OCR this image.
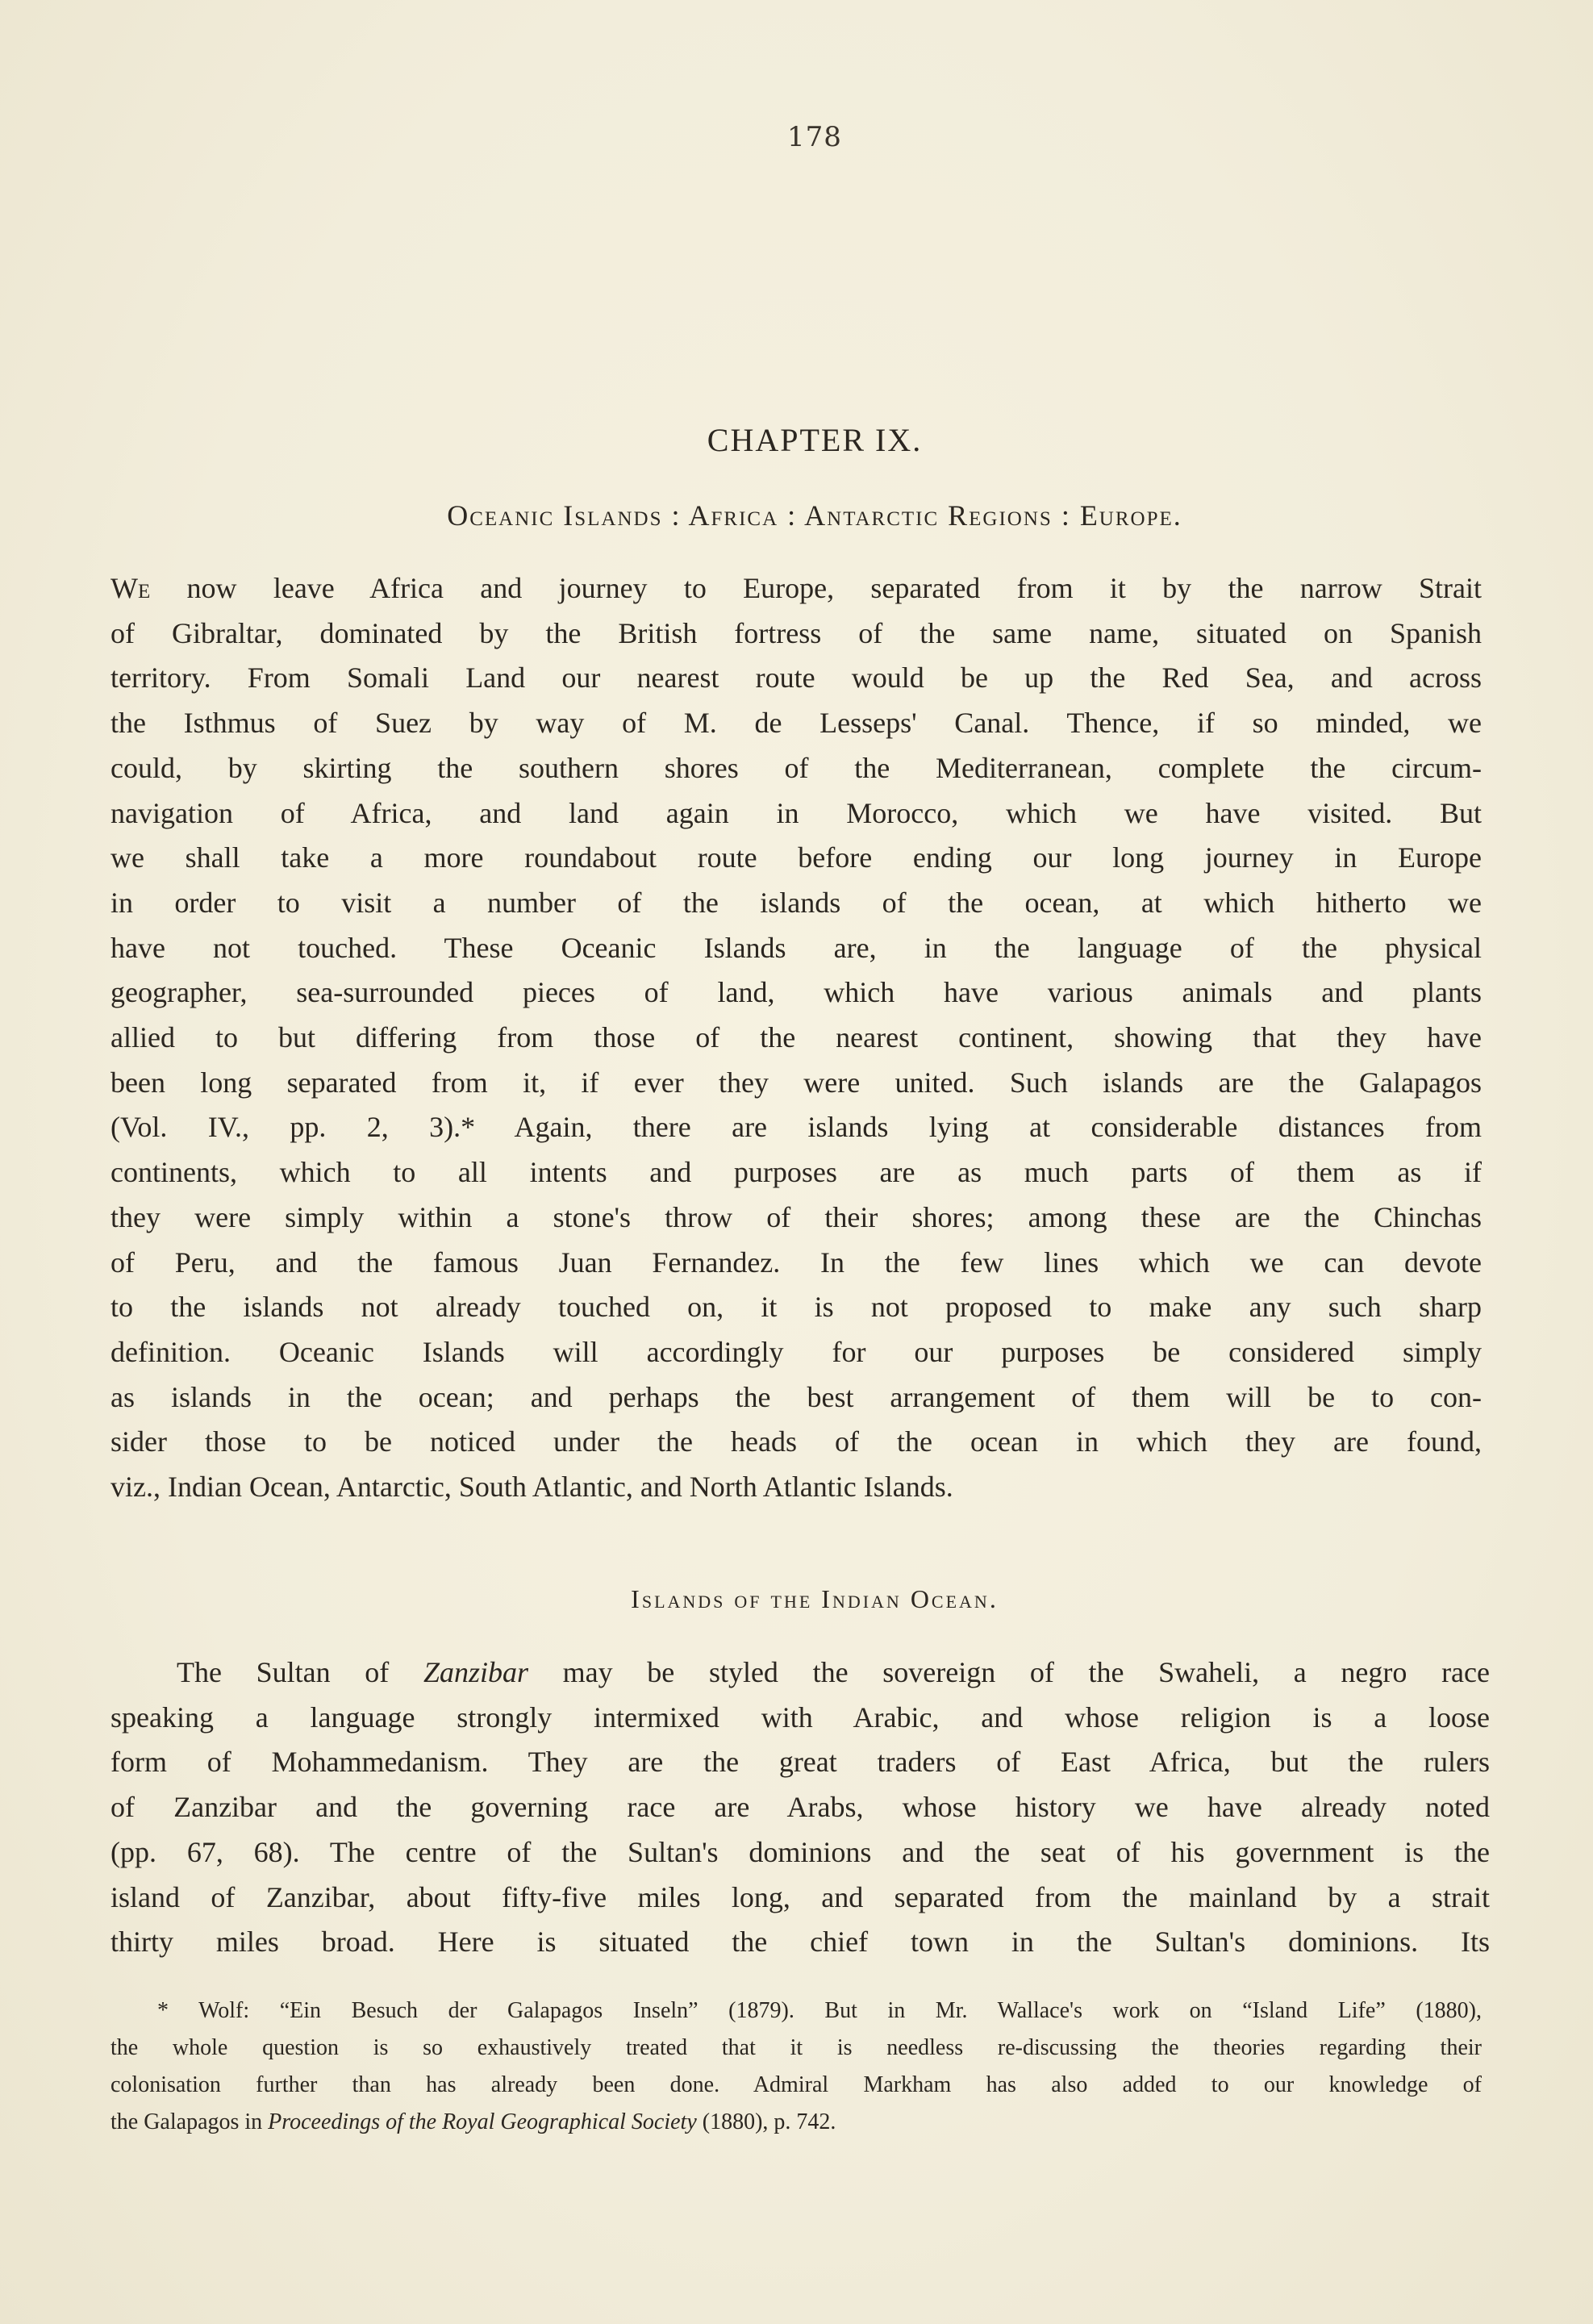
178
CHAPTER IX.
Oceanic Islands : Africa : Antarctic Regions : Europe.
We now leave Africa and journey to Europe, separated from it by the narrow Strait
of Gibraltar, dominated by the British fortress of the same name, situated on Spanish
territory. From Somali Land our nearest route would be up the Red Sea, and across
the Isthmus of Suez by way of M. de Lesseps' Canal. Thence, if so minded, we
could, by skirting the southern shores of the Mediterranean, complete the circum-
navigation of Africa, and land again in Morocco, which we have visited. But
we shall take a more roundabout route before ending our long journey in Europe
in order to visit a number of the islands of the ocean, at which hitherto we
have not touched. These Oceanic Islands are, in the language of the physical
geographer, sea-surrounded pieces of land, which have various animals and plants
allied to but differing from those of the nearest continent, showing that they have
been long separated from it, if ever they were united. Such islands are the Galapagos
(Vol. IV., pp. 2, 3).* Again, there are islands lying at considerable distances from
continents, which to all intents and purposes are as much parts of them as if
they were simply within a stone's throw of their shores; among these are the Chinchas
of Peru, and the famous Juan Fernandez. In the few lines which we can devote
to the islands not already touched on, it is not proposed to make any such sharp
definition. Oceanic Islands will accordingly for our purposes be considered simply
as islands in the ocean; and perhaps the best arrangement of them will be to con-
sider those to be noticed under the heads of the ocean in which they are found,
viz., Indian Ocean, Antarctic, South Atlantic, and North Atlantic Islands.
Islands of the Indian Ocean.
The Sultan of Zanzibar may be styled the sovereign of the Swaheli, a negro race
speaking a language strongly intermixed with Arabic, and whose religion is a loose
form of Mohammedanism. They are the great traders of East Africa, but the rulers
of Zanzibar and the governing race are Arabs, whose history we have already noted
(pp. 67, 68). The centre of the Sultan's dominions and the seat of his government is the
island of Zanzibar, about fifty-five miles long, and separated from the mainland by a strait
thirty miles broad. Here is situated the chief town in the Sultan's dominions. Its
* Wolf: “Ein Besuch der Galapagos Inseln” (1879). But in Mr. Wallace's work on “Island Life” (1880),
the whole question is so exhaustively treated that it is needless re-discussing the theories regarding their
colonisation further than has already been done. Admiral Markham has also added to our knowledge of
the Galapagos in Proceedings of the Royal Geographical Society (1880), p. 742.
